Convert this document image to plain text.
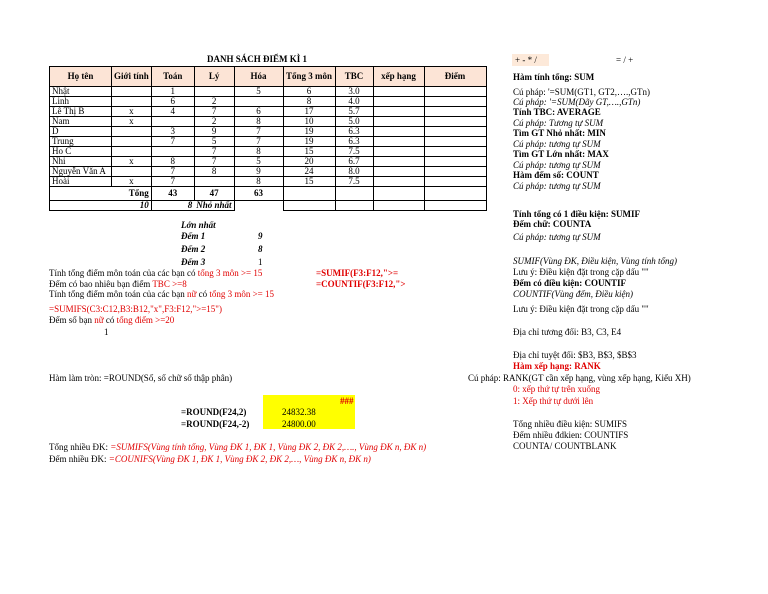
DANH SÁCH ĐIỂM KÌ 1	+ - * /	= / +
Họ tên	Giới tính	Toán	Lý	Hóa	Tổng 3 môn	TBC	xếp hạng	Điểm
Nhật		1		5	6	3.0		
Linh		6	2		8	4.0		
Lê Thị B	x	4	7	6	17	5.7		
Nam	x		2	8	10	5.0		
D		3	9	7	19	6.3		
Trung		7	5	7	19	6.3		
Ho C			7	8	15	7.5		
Nhi	x	8	7	5	20	6.7		
Nguyễn Văn A		7	8	9	24	8.0		
Hoài	x	7		8	15	7.5		
Tổng		43	47	63				
10		8	Nhỏ nhất					
Đếm 1	9
Đếm 2	8
Đếm 3	1
Tính tổng điểm môn toán của các bạn có tổng 3 môn >= 15	=SUMIF(F3:F12,">=
Đếm có bao nhiêu bạn điểm TBC >=8	=COUNTIF(F3:F12,">
Tính tổng điểm môn toán của các bạn nữ có tổng 3 môn >= 15
=SUMIFS(C3:C12,B3:B12,"x",F3:F12,">=15")
Đếm số bạn nữ có tổng điểm >=20
1
Hàm làm tròn: =ROUND(Số, số chữ số thập phân)
###
=ROUND(F24,2)	24832.38
=ROUND(F24,-2)	24800.00
Tổng nhiều ĐK: =SUMIFS(Vùng tính tổng, Vùng ĐK 1, ĐK 1, Vùng ĐK 2, ĐK 2,…., Vùng ĐK n, ĐK n)
Đếm nhiều ĐK: =COUNIFS(Vùng ĐK 1, ĐK 1, Vùng ĐK 2, ĐK 2,…, Vùng ĐK n, ĐK n)
Hàm tính tổng: SUM
Cú pháp: '=SUM(GT1, GT2,….,GTn)
Cú pháp: '=SUM(Dãy GT,….,GTn)
Tính TBC: AVERAGE
Cú pháp: Tương tự SUM
Tìm GT Nhỏ nhất: MIN
Cú pháp: tương tự SUM
Tìm GT Lớn nhất: MAX
Cú pháp: tương tự SUM
Hàm đếm số: COUNT
Cú pháp: tương tự SUM
Tính tổng có 1 điều kiện: SUMIF
Đếm chữ: COUNTA
Cú pháp: tương tự SUM
SUMIF(Vùng ĐK, Điều kiện, Vùng tính tổng)
Lưu ý: Điều kiện đặt trong cặp dấu ""
Đếm có điều kiện: COUNTIF
COUNTIF(Vùng đếm, Điều kiện)
Lưu ý: Điều kiện đặt trong cặp dấu ""
Địa chỉ tương đối: B3, C3, E4
Địa chỉ tuyệt đối: $B3, B$3, $B$3
Hàm xếp hạng: RANK
Cú pháp: RANK(GT cần xếp hạng, vùng xếp hạng, Kiểu XH)
0: xếp thứ tự trên xuống
1: Xếp thứ tự dưới lên
Tổng nhiều điều kiện: SUMIFS
Đếm nhiều đdkien: COUNTIFS
COUNTA/ COUNTBLANK
Lớn nhất
